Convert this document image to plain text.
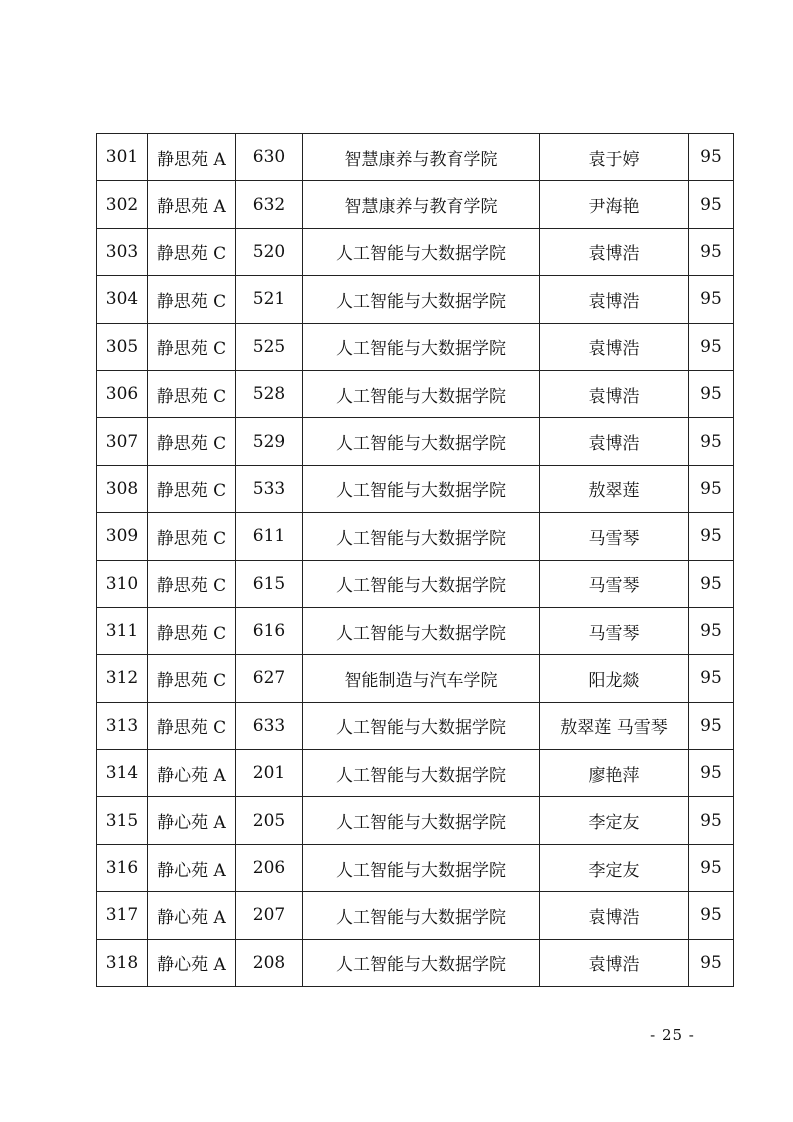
301	静思苑 A	630	智慧康养与教育学院	袁于婷	95
302	静思苑 A	632	智慧康养与教育学院	尹海艳	95
303	静思苑 C	520	人工智能与大数据学院	袁博浩	95
304	静思苑 C	521	人工智能与大数据学院	袁博浩	95
305	静思苑 C	525	人工智能与大数据学院	袁博浩	95
306	静思苑 C	528	人工智能与大数据学院	袁博浩	95
307	静思苑 C	529	人工智能与大数据学院	袁博浩	95
308	静思苑 C	533	人工智能与大数据学院	敖翠莲	95
309	静思苑 C	611	人工智能与大数据学院	马雪琴	95
310	静思苑 C	615	人工智能与大数据学院	马雪琴	95
311	静思苑 C	616	人工智能与大数据学院	马雪琴	95
312	静思苑 C	627	智能制造与汽车学院	阳龙燚	95
313	静思苑 C	633	人工智能与大数据学院	敖翠莲 马雪琴	95
314	静心苑 A	201	人工智能与大数据学院	廖艳萍	95
315	静心苑 A	205	人工智能与大数据学院	李定友	95
316	静心苑 A	206	人工智能与大数据学院	李定友	95
317	静心苑 A	207	人工智能与大数据学院	袁博浩	95
318	静心苑 A	208	人工智能与大数据学院	袁博浩	95
- 25 -
